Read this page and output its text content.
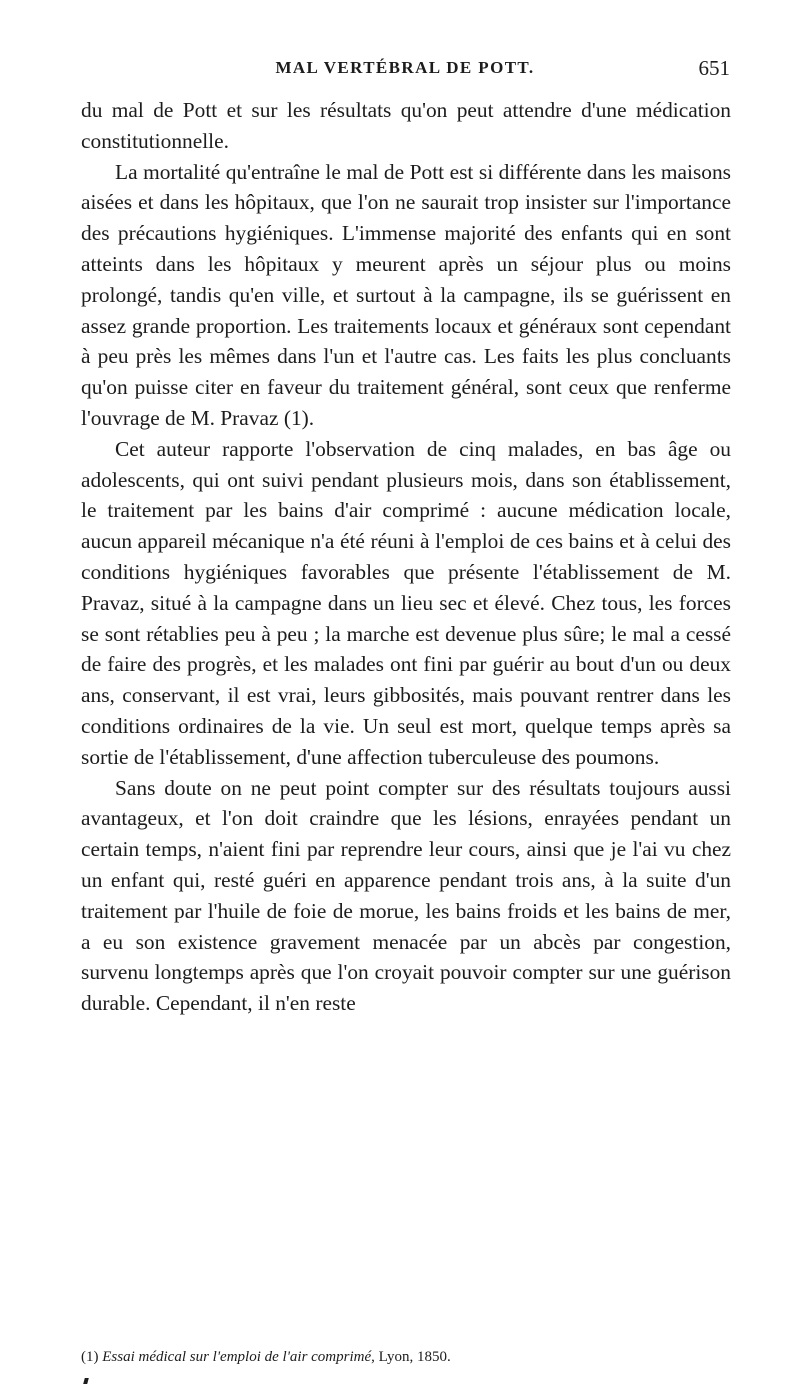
MAL VERTÉBRAL DE POTT.	651

du mal de Pott et sur les résultats qu'on peut attendre d'une médication constitutionnelle.

La mortalité qu'entraîne le mal de Pott est si différente dans les maisons aisées et dans les hôpitaux, que l'on ne saurait trop insister sur l'importance des précautions hygiéniques. L'immense majorité des enfants qui en sont atteints dans les hôpitaux y meurent après un séjour plus ou moins prolongé, tandis qu'en ville, et surtout à la campagne, ils se guérissent en assez grande proportion. Les traitements locaux et généraux sont cependant à peu près les mêmes dans l'un et l'autre cas. Les faits les plus concluants qu'on puisse citer en faveur du traitement général, sont ceux que renferme l'ouvrage de M. Pravaz (1).

Cet auteur rapporte l'observation de cinq malades, en bas âge ou adolescents, qui ont suivi pendant plusieurs mois, dans son établissement, le traitement par les bains d'air comprimé : aucune médication locale, aucun appareil mécanique n'a été réuni à l'emploi de ces bains et à celui des conditions hygiéniques favorables que présente l'établissement de M. Pravaz, situé à la campagne dans un lieu sec et élevé. Chez tous, les forces se sont rétablies peu à peu ; la marche est devenue plus sûre; le mal a cessé de faire des progrès, et les malades ont fini par guérir au bout d'un ou deux ans, conservant, il est vrai, leurs gibbosités, mais pouvant rentrer dans les conditions ordinaires de la vie. Un seul est mort, quelque temps après sa sortie de l'établissement, d'une affection tuberculeuse des poumons.

Sans doute on ne peut point compter sur des résultats toujours aussi avantageux, et l'on doit craindre que les lésions, enrayées pendant un certain temps, n'aient fini par reprendre leur cours, ainsi que je l'ai vu chez un enfant qui, resté guéri en apparence pendant trois ans, à la suite d'un traitement par l'huile de foie de morue, les bains froids et les bains de mer, a eu son existence gravement menacée par un abcès par congestion, survenu longtemps après que l'on croyait pouvoir compter sur une guérison durable. Cependant, il n'en reste

(1) Essai médical sur l'emploi de l'air comprimé, Lyon, 1850.
